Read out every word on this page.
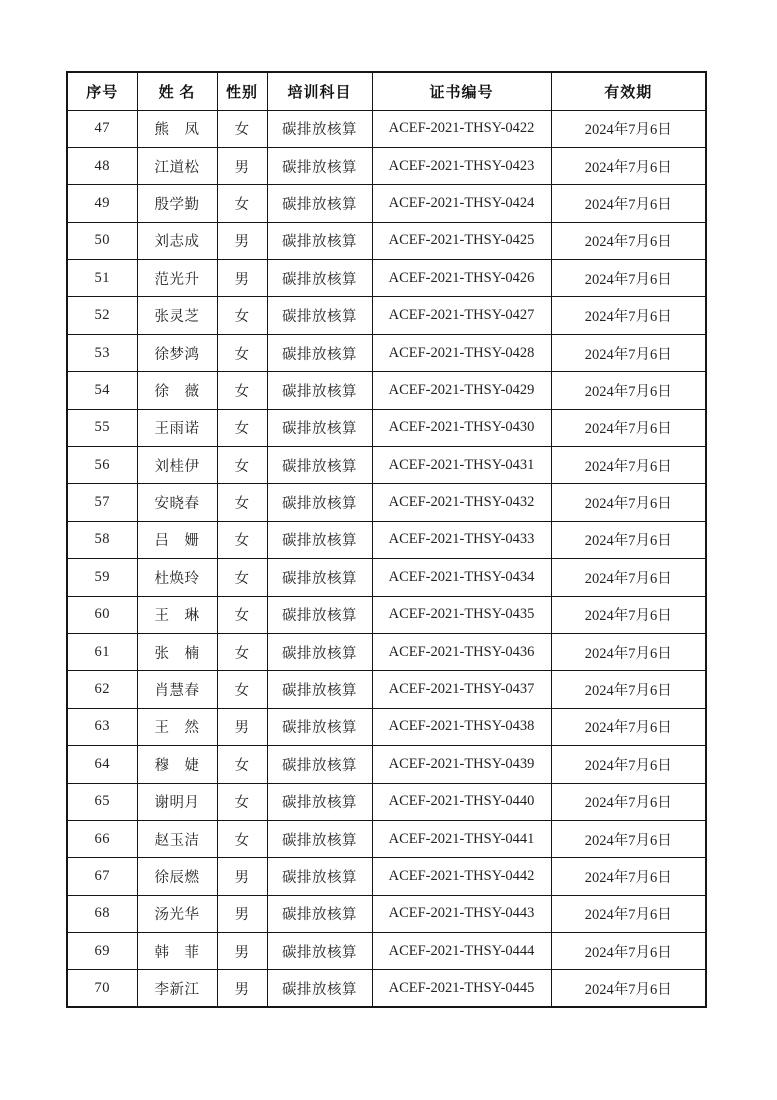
序号	姓 名	性别	培训科目	证书编号	有效期
47	熊　凤	女	碳排放核算	ACEF-2021-THSY-0422	2024年7月6日
48	江道松	男	碳排放核算	ACEF-2021-THSY-0423	2024年7月6日
49	殷学勤	女	碳排放核算	ACEF-2021-THSY-0424	2024年7月6日
50	刘志成	男	碳排放核算	ACEF-2021-THSY-0425	2024年7月6日
51	范光升	男	碳排放核算	ACEF-2021-THSY-0426	2024年7月6日
52	张灵芝	女	碳排放核算	ACEF-2021-THSY-0427	2024年7月6日
53	徐梦鸿	女	碳排放核算	ACEF-2021-THSY-0428	2024年7月6日
54	徐　薇	女	碳排放核算	ACEF-2021-THSY-0429	2024年7月6日
55	王雨诺	女	碳排放核算	ACEF-2021-THSY-0430	2024年7月6日
56	刘桂伊	女	碳排放核算	ACEF-2021-THSY-0431	2024年7月6日
57	安晓春	女	碳排放核算	ACEF-2021-THSY-0432	2024年7月6日
58	吕　姗	女	碳排放核算	ACEF-2021-THSY-0433	2024年7月6日
59	杜焕玲	女	碳排放核算	ACEF-2021-THSY-0434	2024年7月6日
60	王　琳	女	碳排放核算	ACEF-2021-THSY-0435	2024年7月6日
61	张　楠	女	碳排放核算	ACEF-2021-THSY-0436	2024年7月6日
62	肖慧春	女	碳排放核算	ACEF-2021-THSY-0437	2024年7月6日
63	王　然	男	碳排放核算	ACEF-2021-THSY-0438	2024年7月6日
64	穆　婕	女	碳排放核算	ACEF-2021-THSY-0439	2024年7月6日
65	谢明月	女	碳排放核算	ACEF-2021-THSY-0440	2024年7月6日
66	赵玉洁	女	碳排放核算	ACEF-2021-THSY-0441	2024年7月6日
67	徐辰燃	男	碳排放核算	ACEF-2021-THSY-0442	2024年7月6日
68	汤光华	男	碳排放核算	ACEF-2021-THSY-0443	2024年7月6日
69	韩　菲	男	碳排放核算	ACEF-2021-THSY-0444	2024年7月6日
70	李新江	男	碳排放核算	ACEF-2021-THSY-0445	2024年7月6日
